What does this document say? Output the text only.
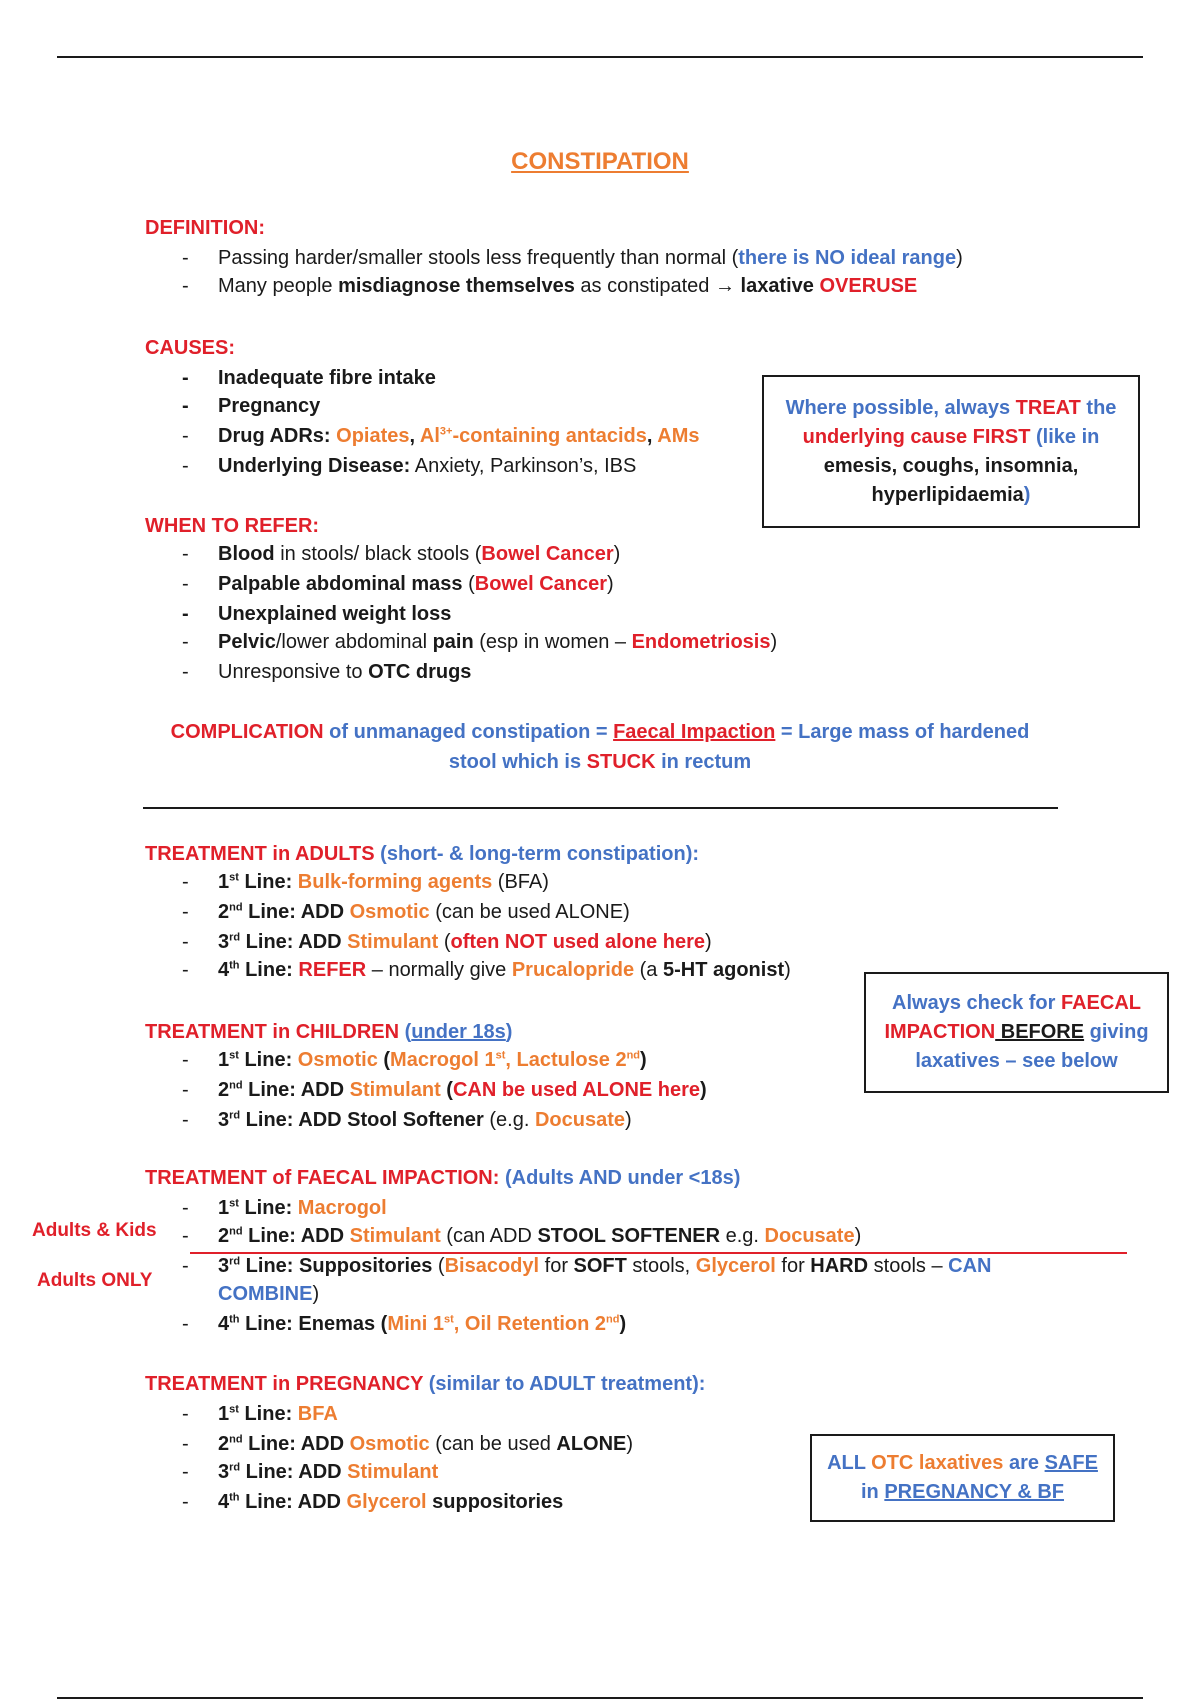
CONSTIPATION
DEFINITION:
- Passing harder/smaller stools less frequently than normal (there is NO ideal range)
- Many people misdiagnose themselves as constipated → laxative OVERUSE
CAUSES:
- Inadequate fibre intake
- Pregnancy
- Drug ADRs: Opiates, $Al^{3+}$-containing antacids, AMs
- Underlying Disease: Anxiety, Parkinson’s, IBS
Where possible, always TREAT the
underlying cause FIRST (like in
emesis, coughs, insomnia,
hyperlipidaemia)
WHEN TO REFER:
- Blood in stools/ black stools (Bowel Cancer)
- Palpable abdominal mass (Bowel Cancer)
- Unexplained weight loss
- Pelvic/lower abdominal pain (esp in women – Endometriosis)
- Unresponsive to OTC drugs
COMPLICATION of unmanaged constipation = Faecal Impaction = Large mass of hardened
stool which is STUCK in rectum
TREATMENT in ADULTS (short- & long-term constipation):
- 1st Line: Bulk-forming agents (BFA)
- 2nd Line: ADD Osmotic (can be used ALONE)
- 3rd Line: ADD Stimulant (often NOT used alone here)
- 4th Line: REFER – normally give Prucalopride (a 5-HT agonist)
Always check for FAECAL
IMPACTION BEFORE giving
laxatives – see below
TREATMENT in CHILDREN (under 18s)
- 1st Line: Osmotic (Macrogol 1st, Lactulose 2nd)
- 2nd Line: ADD Stimulant (CAN be used ALONE here)
- 3rd Line: ADD Stool Softener (e.g. Docusate)
TREATMENT of FAECAL IMPACTION: (Adults AND under <18s)
- 1st Line: Macrogol
Adults & Kids - 2nd Line: ADD Stimulant (can ADD STOOL SOFTENER e.g. Docusate)
Adults ONLY
- 3rd Line: Suppositories (Bisacodyl for SOFT stools, Glycerol for HARD stools – CAN
COMBINE)
- 4th Line: Enemas (Mini 1st, Oil Retention 2nd)
TREATMENT in PREGNANCY (similar to ADULT treatment):
- 1st Line: BFA
- 2nd Line: ADD Osmotic (can be used ALONE)
- 3rd Line: ADD Stimulant
- 4th Line: ADD Glycerol suppositories
ALL OTC laxatives are SAFE
in PREGNANCY & BF
